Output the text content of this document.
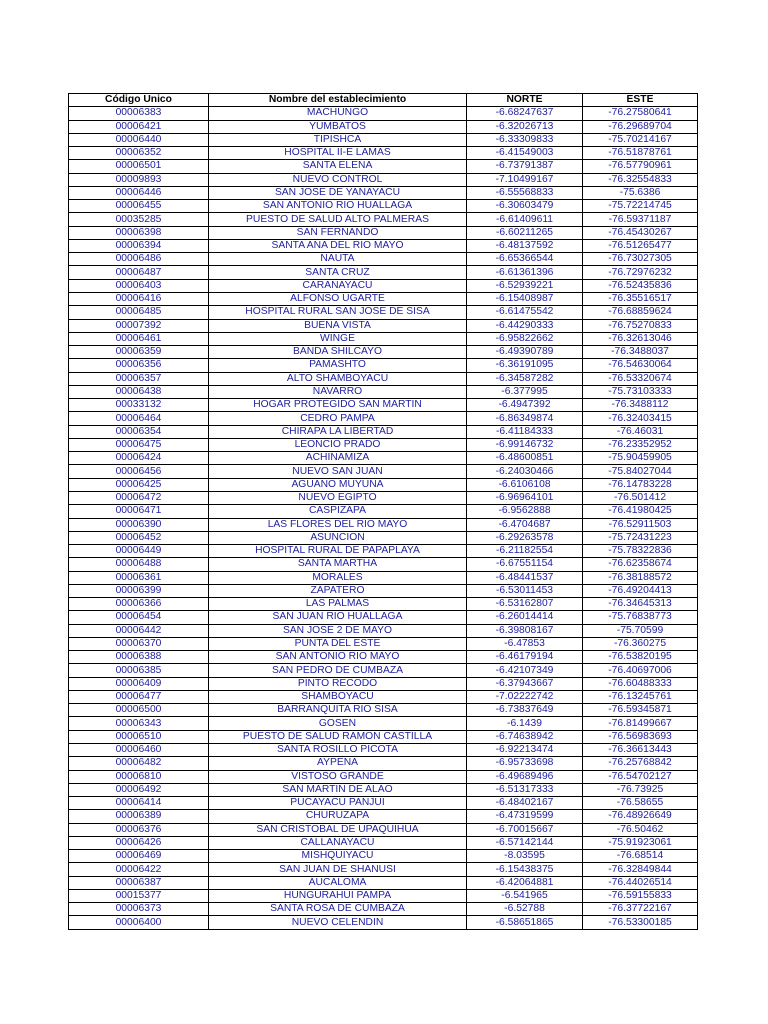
Código Unico	Nombre del establecimiento	NORTE	ESTE
00006383	MACHUNGO	-6.68247637	-76.27580641
00006421	YUMBATOS	-6.32026713	-76.29689704
00006440	TIPISHCA	-6.33309833	-75.70214167
00006352	HOSPITAL II-E LAMAS	-6.41549003	-76.51878761
00006501	SANTA ELENA	-6.73791387	-76.57790961
00009893	NUEVO CONTROL	-7.10499167	-76.32554833
00006446	SAN JOSE DE YANAYACU	-6.55568833	-75.6386
00006455	SAN ANTONIO RIO HUALLAGA	-6.30603479	-75.72214745
00035285	PUESTO DE SALUD ALTO PALMERAS	-6.61409611	-76.59371187
00006398	SAN FERNANDO	-6.60211265	-76.45430267
00006394	SANTA ANA DEL RIO MAYO	-6.48137592	-76.51265477
00006486	NAUTA	-6.65366544	-76.73027305
00006487	SANTA CRUZ	-6.61361396	-76.72976232
00006403	CARANAYACU	-6.52939221	-76.52435836
00006416	ALFONSO UGARTE	-6.15408987	-76.35516517
00006485	HOSPITAL RURAL SAN JOSE DE SISA	-6.61475542	-76.68859624
00007392	BUENA VISTA	-6.44290333	-76.75270833
00006461	WINGE	-6.95822662	-76.32613046
00006359	BANDA SHILCAYO	-6.49390789	-76.3488037
00006356	PAMASHTO	-6.36191095	-76.54630064
00006357	ALTO SHAMBOYACU	-6.34587282	-76.53320674
00006438	NAVARRO	-6.377995	-75.73103333
00033132	HOGAR PROTEGIDO SAN MARTIN	-6.4947392	-76.3488112
00006464	CEDRO PAMPA	-6.86349874	-76.32403415
00006354	CHIRAPA LA LIBERTAD	-6.41184333	-76.46031
00006475	LEONCIO PRADO	-6.99146732	-76.23352952
00006424	ACHINAMIZA	-6.48600851	-75.90459905
00006456	NUEVO SAN JUAN	-6.24030466	-75.84027044
00006425	AGUANO MUYUNA	-6.6106108	-76.14783228
00006472	NUEVO EGIPTO	-6.96964101	-76.501412
00006471	CASPIZAPA	-6.9562888	-76.41980425
00006390	LAS FLORES DEL RIO MAYO	-6.4704687	-76.52911503
00006452	ASUNCION	-6.29263578	-75.72431223
00006449	HOSPITAL RURAL DE PAPAPLAYA	-6.21182554	-75.78322836
00006488	SANTA MARTHA	-6.67551154	-76.62358674
00006361	MORALES	-6.48441537	-76.38188572
00006399	ZAPATERO	-6.53011453	-76.49204413
00006366	LAS PALMAS	-6.53162807	-76.34645313
00006454	SAN JUAN RIO HUALLAGA	-6.26014414	-75.76838773
00006442	SAN JOSE 2 DE MAYO	-6.39808167	-75.70599
00006370	PUNTA DEL ESTE	-6.47853	-76.360275
00006388	SAN ANTONIO RIO MAYO	-6.46179194	-76.53820195
00006385	SAN PEDRO DE CUMBAZA	-6.42107349	-76.40697006
00006409	PINTO RECODO	-6.37943667	-76.60488333
00006477	SHAMBOYACU	-7.02222742	-76.13245761
00006500	BARRANQUITA RIO SISA	-6.73837649	-76.59345871
00006343	GOSEN	-6.1439	-76.81499667
00006510	PUESTO DE SALUD RAMON CASTILLA	-6.74638942	-76.56983693
00006460	SANTA ROSILLO PICOTA	-6.92213474	-76.36613443
00006482	AYPENA	-6.95733698	-76.25768842
00006810	VISTOSO GRANDE	-6.49689496	-76.54702127
00006492	SAN MARTIN DE ALAO	-6.51317333	-76.73925
00006414	PUCAYACU PANJUI	-6.48402167	-76.58655
00006389	CHURUZAPA	-6.47319599	-76.48926649
00006376	SAN CRISTOBAL DE UPAQUIHUA	-6.70015667	-76.50462
00006426	CALLANAYACU	-6.57142144	-75.91923061
00006469	MISHQUIYACU	-8.03595	-76.68514
00006422	SAN JUAN DE SHANUSI	-6.15438375	-76.32849844
00006387	AUCALOMA	-6.42064881	-76.44026514
00015377	HUNGURAHUI PAMPA	-6.541965	-76.59155833
00006373	SANTA ROSA DE CUMBAZA	-6.52788	-76.37722167
00006400	NUEVO CELENDIN	-6.58651865	-76.53300185
